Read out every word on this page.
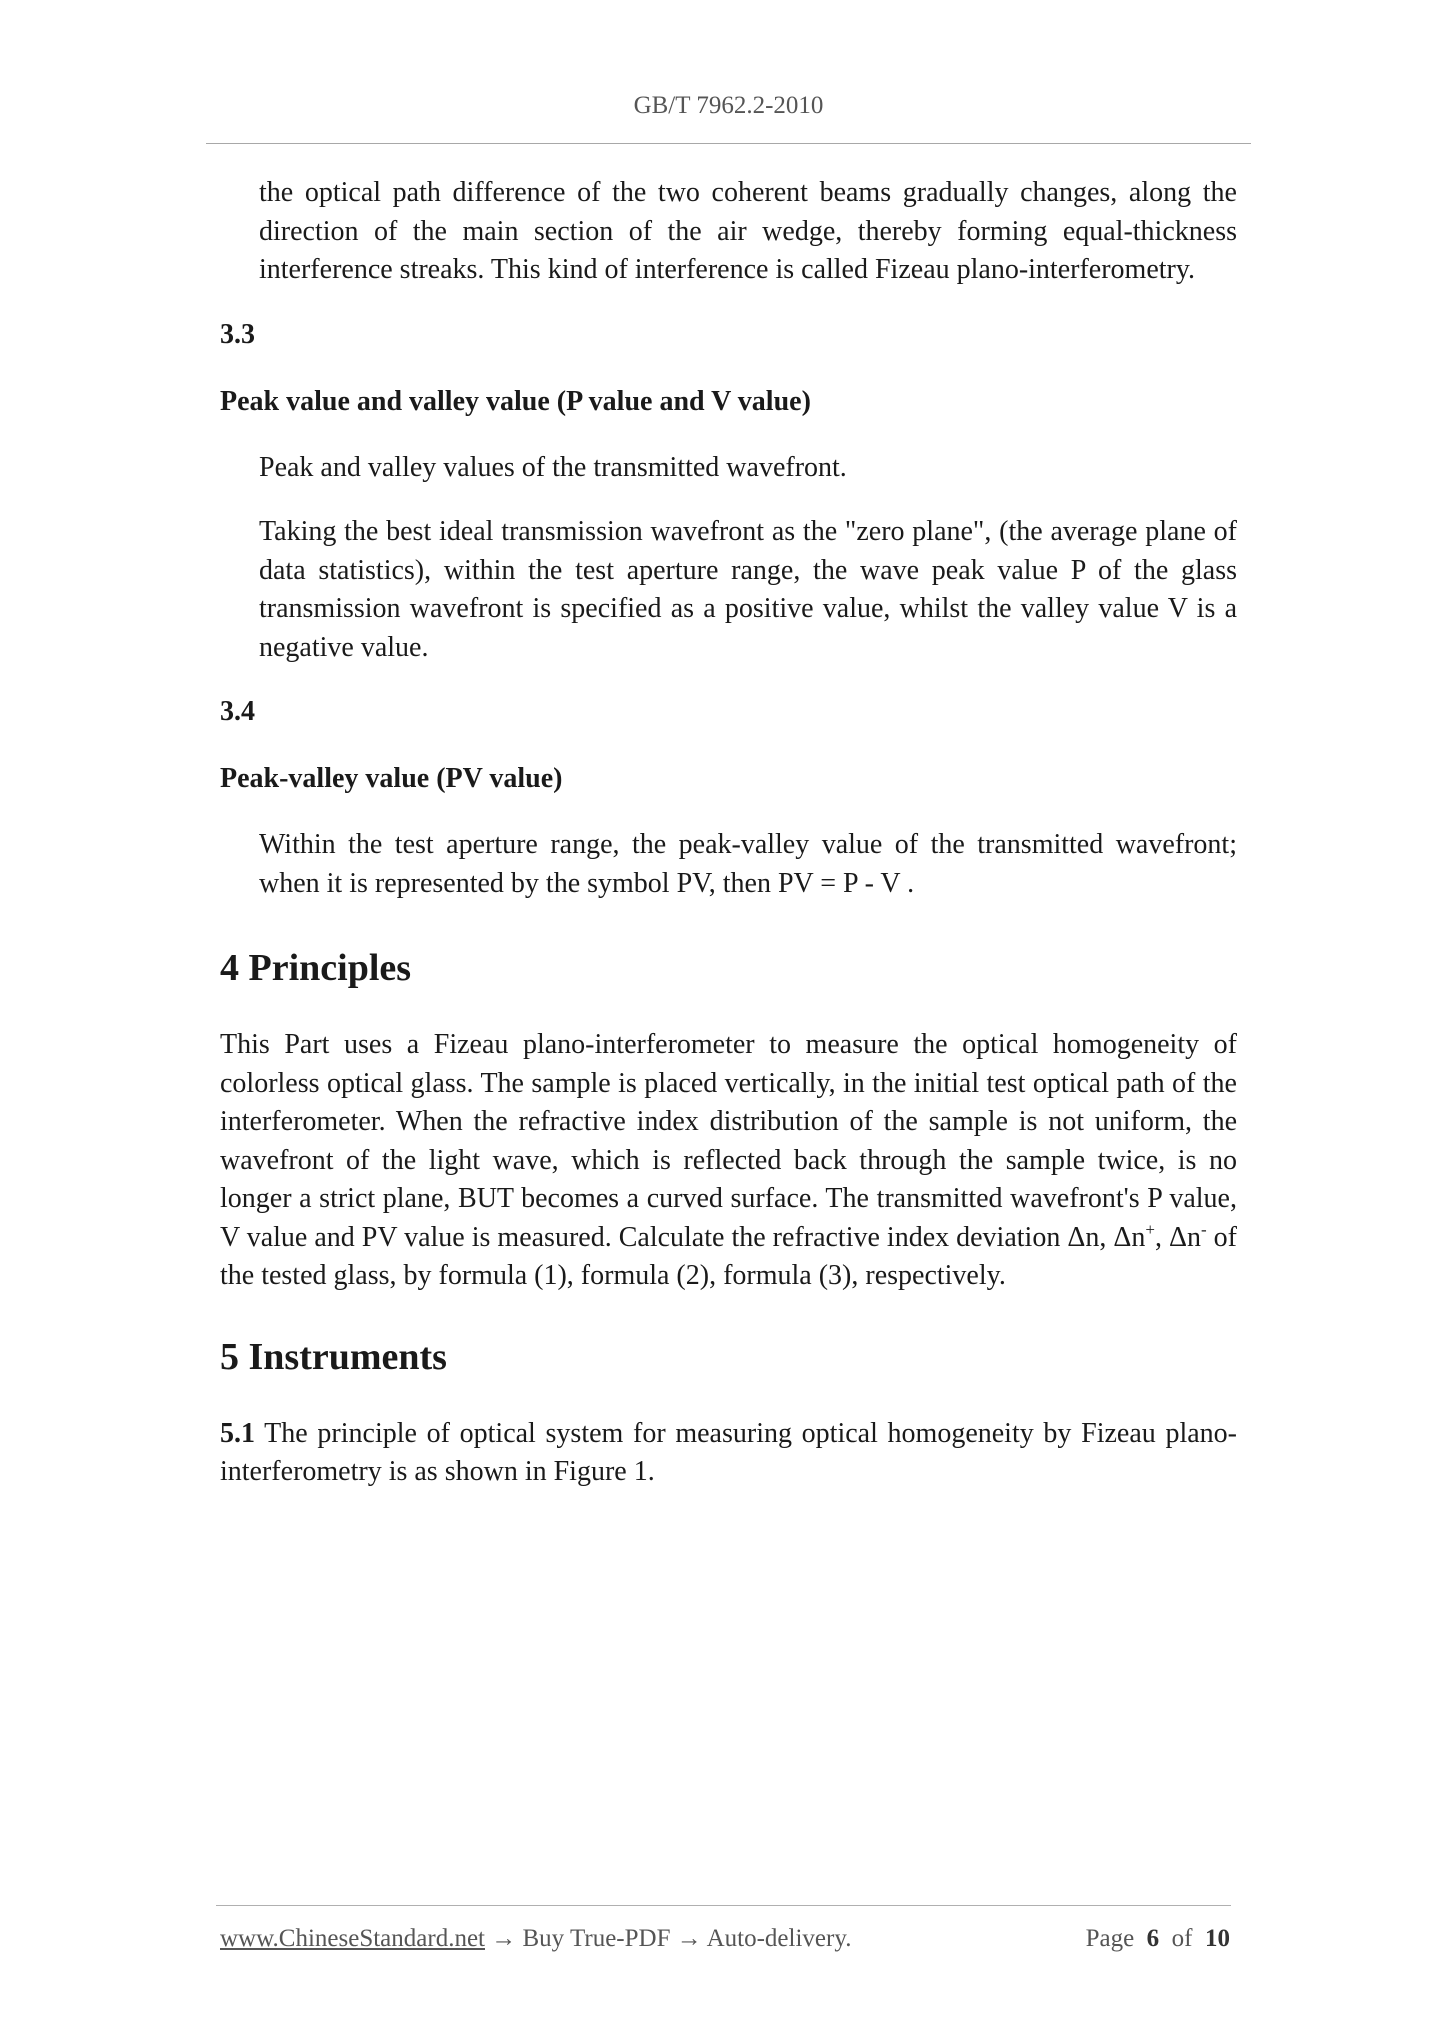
GB/T 7962.2-2010

the optical path difference of the two coherent beams gradually changes, along the direction of the main section of the air wedge, thereby forming equal-thickness interference streaks. This kind of interference is called Fizeau plano-interferometry.

3.3

Peak value and valley value (P value and V value)

Peak and valley values of the transmitted wavefront.

Taking the best ideal transmission wavefront as the "zero plane", (the average plane of data statistics), within the test aperture range, the wave peak value P of the glass transmission wavefront is specified as a positive value, whilst the valley value V is a negative value.

3.4

Peak-valley value (PV value)

Within the test aperture range, the peak-valley value of the transmitted wavefront; when it is represented by the symbol PV, then PV = P - V .

4 Principles

This Part uses a Fizeau plano-interferometer to measure the optical homogeneity of colorless optical glass. The sample is placed vertically, in the initial test optical path of the interferometer. When the refractive index distribution of the sample is not uniform, the wavefront of the light wave, which is reflected back through the sample twice, is no longer a strict plane, BUT becomes a curved surface. The transmitted wavefront's P value, V value and PV value is measured. Calculate the refractive index deviation Δn, Δn+, Δn- of the tested glass, by formula (1), formula (2), formula (3), respectively.

5 Instruments

5.1 The principle of optical system for measuring optical homogeneity by Fizeau plano-interferometry is as shown in Figure 1.

www.ChineseStandard.net → Buy True-PDF → Auto-delivery.	Page 6 of 10
